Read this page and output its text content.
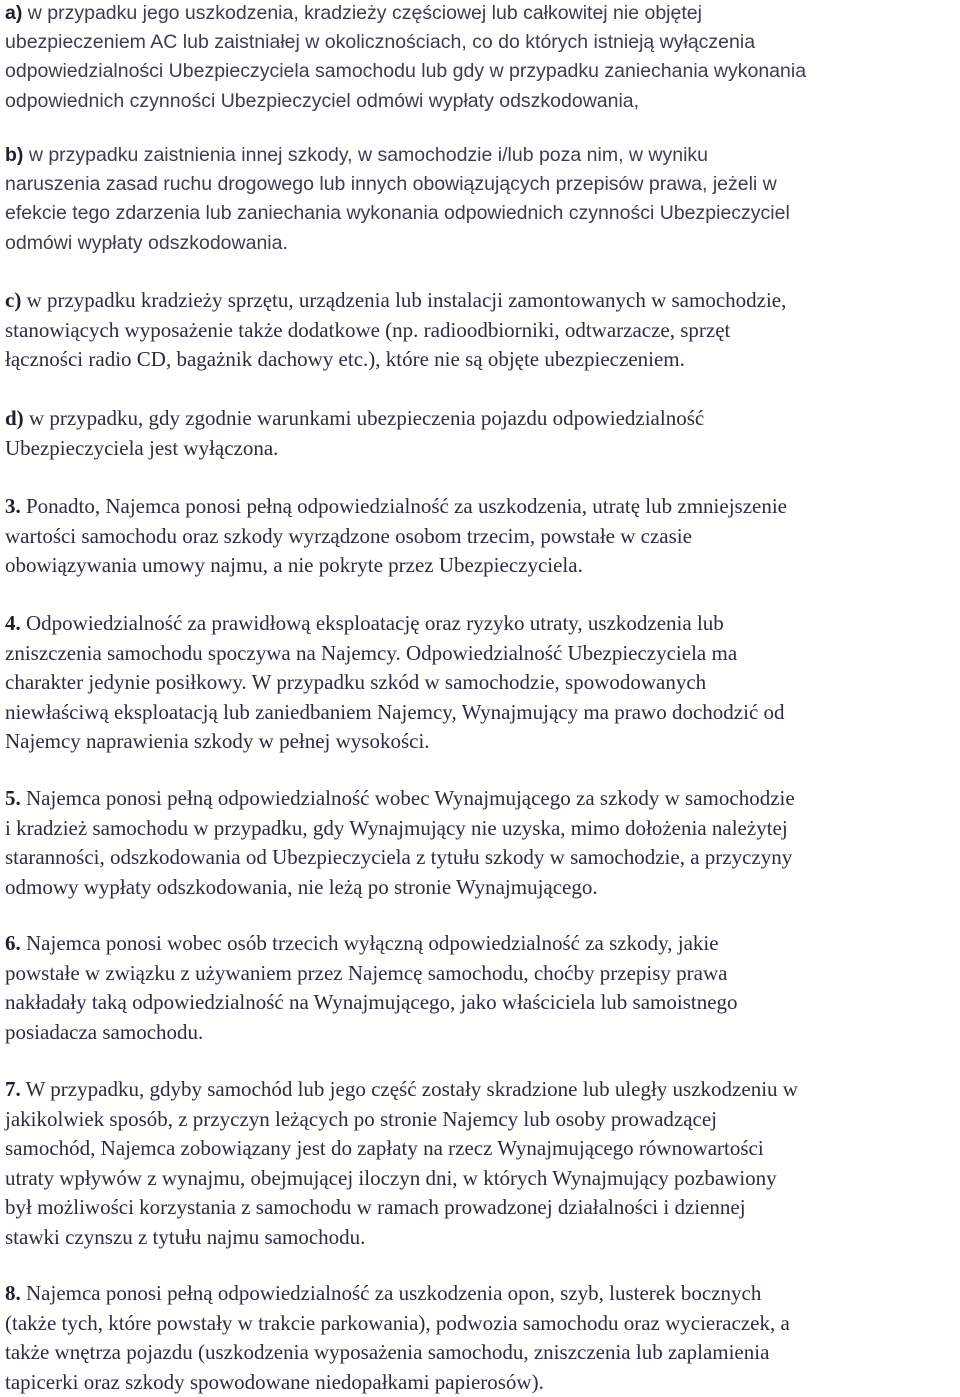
a) w przypadku jego uszkodzenia, kradzieży częściowej lub całkowitej nie objętej
ubezpieczeniem AC lub zaistniałej w okolicznościach, co do których istnieją wyłączenia
odpowiedzialności Ubezpieczyciela samochodu lub gdy w przypadku zaniechania wykonania
odpowiednich czynności Ubezpieczyciel odmówi wypłaty odszkodowania,

b) w przypadku zaistnienia innej szkody, w samochodzie i/lub poza nim, w wyniku
naruszenia zasad ruchu drogowego lub innych obowiązujących przepisów prawa, jeżeli w
efekcie tego zdarzenia lub zaniechania wykonania odpowiednich czynności Ubezpieczyciel
odmówi wypłaty odszkodowania.

c) w przypadku kradzieży sprzętu, urządzenia lub instalacji zamontowanych w samochodzie,
stanowiących wyposażenie także dodatkowe (np. radioodbiorniki, odtwarzacze, sprzęt
łączności radio CD, bagażnik dachowy etc.), które nie są objęte ubezpieczeniem.

d) w przypadku, gdy zgodnie warunkami ubezpieczenia pojazdu odpowiedzialność
Ubezpieczyciela jest wyłączona.

3. Ponadto, Najemca ponosi pełną odpowiedzialność za uszkodzenia, utratę lub zmniejszenie
wartości samochodu oraz szkody wyrządzone osobom trzecim, powstałe w czasie
obowiązywania umowy najmu, a nie pokryte przez Ubezpieczyciela.

4. Odpowiedzialność za prawidłową eksploatację oraz ryzyko utraty, uszkodzenia lub
zniszczenia samochodu spoczywa na Najemcy. Odpowiedzialność Ubezpieczyciela ma
charakter jedynie posiłkowy. W przypadku szkód w samochodzie, spowodowanych
niewłaściwą eksploatacją lub zaniedbaniem Najemcy, Wynajmujący ma prawo dochodzić od
Najemcy naprawienia szkody w pełnej wysokości.

5. Najemca ponosi pełną odpowiedzialność wobec Wynajmującego za szkody w samochodzie
i kradzież samochodu w przypadku, gdy Wynajmujący nie uzyska, mimo dołożenia należytej
staranności, odszkodowania od Ubezpieczyciela z tytułu szkody w samochodzie, a przyczyny
odmowy wypłaty odszkodowania, nie leżą po stronie Wynajmującego.

6. Najemca ponosi wobec osób trzecich wyłączną odpowiedzialność za szkody, jakie
powstałe w związku z używaniem przez Najemcę samochodu, choćby przepisy prawa
nakładały taką odpowiedzialność na Wynajmującego, jako właściciela lub samoistnego
posiadacza samochodu.

7. W przypadku, gdyby samochód lub jego część zostały skradzione lub uległy uszkodzeniu w
jakikolwiek sposób, z przyczyn leżących po stronie Najemcy lub osoby prowadzącej
samochód, Najemca zobowiązany jest do zapłaty na rzecz Wynajmującego równowartości
utraty wpływów z wynajmu, obejmującej iloczyn dni, w których Wynajmujący pozbawiony
był możliwości korzystania z samochodu w ramach prowadzonej działalności i dziennej
stawki czynszu z tytułu najmu samochodu.

8. Najemca ponosi pełną odpowiedzialność za uszkodzenia opon, szyb, lusterek bocznych
(także tych, które powstały w trakcie parkowania), podwozia samochodu oraz wycieraczek, a
także wnętrza pojazdu (uszkodzenia wyposażenia samochodu, zniszczenia lub zaplamienia
tapicerki oraz szkody spowodowane niedopałkami papierosów).
